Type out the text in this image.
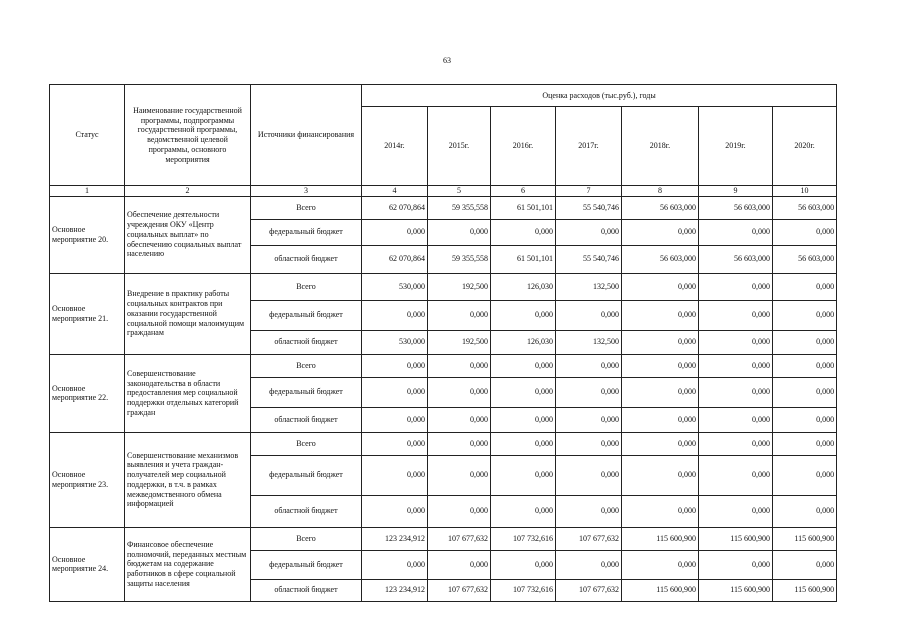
63
Статус	Наименование государственной программы, подпрограммы государственной программы, ведомственной целевой программы, основного мероприятия	Источники финансирования	Оценка расходов (тыс.руб.), годы						
			2014г.	2015г.	2016г.	2017г.	2018г.	2019г.	2020г.
1	2	3	4	5	6	7	8	9	10
Основное мероприятие 20.	Обеспечение деятельности учреждения ОКУ «Центр социальных выплат» по обеспечению социальных выплат населению	Всего	62 070,864	59 355,558	61 501,101	55 540,746	56 603,000	56 603,000	56 603,000
		федеральный бюджет	0,000	0,000	0,000	0,000	0,000	0,000	0,000
		областной бюджет	62 070,864	59 355,558	61 501,101	55 540,746	56 603,000	56 603,000	56 603,000
Основное мероприятие 21.	Внедрение в практику работы социальных контрактов при оказании государственной социальной помощи малоимущим гражданам	Всего	530,000	192,500	126,030	132,500	0,000	0,000	0,000
		федеральный бюджет	0,000	0,000	0,000	0,000	0,000	0,000	0,000
		областной бюджет	530,000	192,500	126,030	132,500	0,000	0,000	0,000
Основное мероприятие 22.	Совершенствование законодательства в области предоставления мер социальной поддержки отдельных категорий граждан	Всего	0,000	0,000	0,000	0,000	0,000	0,000	0,000
		федеральный бюджет	0,000	0,000	0,000	0,000	0,000	0,000	0,000
		областной бюджет	0,000	0,000	0,000	0,000	0,000	0,000	0,000
Основное мероприятие 23.	Совершенствование механизмов выявления и учета граждан-получателей мер социальной поддержки, в т.ч. в рамках межведомственного обмена информацией	Всего	0,000	0,000	0,000	0,000	0,000	0,000	0,000
		федеральный бюджет	0,000	0,000	0,000	0,000	0,000	0,000	0,000
		областной бюджет	0,000	0,000	0,000	0,000	0,000	0,000	0,000
Основное мероприятие 24.	Финансовое обеспечение полномочий, переданных местным бюджетам на содержание работников в сфере социальной защиты населения	Всего	123 234,912	107 677,632	107 732,616	107 677,632	115 600,900	115 600,900	115 600,900
		федеральный бюджет	0,000	0,000	0,000	0,000	0,000	0,000	0,000
		областной бюджет	123 234,912	107 677,632	107 732,616	107 677,632	115 600,900	115 600,900	115 600,900
